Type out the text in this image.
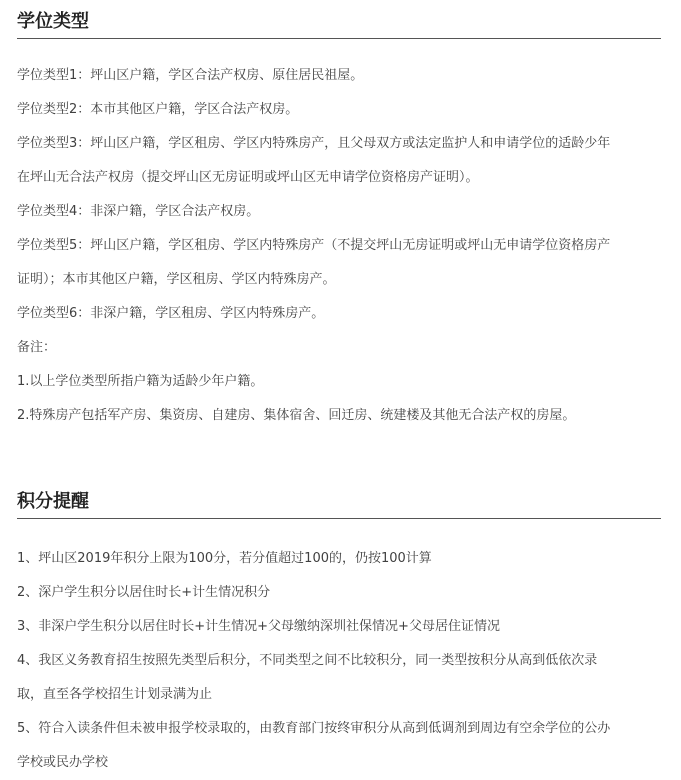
学位类型

学位类型1：坪山区户籍，学区合法产权房、原住居民祖屋。

学位类型2：本市其他区户籍，学区合法产权房。

学位类型3：坪山区户籍，学区租房、学区内特殊房产，且父母双方或法定监护人和申请学位的适龄少年
在坪山无合法产权房（提交坪山区无房证明或坪山区无申请学位资格房产证明）。

学位类型4：非深户籍，学区合法产权房。

学位类型5：坪山区户籍，学区租房、学区内特殊房产（不提交坪山无房证明或坪山无申请学位资格房产
证明）；本市其他区户籍，学区租房、学区内特殊房产。

学位类型6：非深户籍，学区租房、学区内特殊房产。

备注：

1.以上学位类型所指户籍为适龄少年户籍。

2.特殊房产包括军产房、集资房、自建房、集体宿舍、回迁房、统建楼及其他无合法产权的房屋。

积分提醒

1、坪山区2019年积分上限为100分，若分值超过100的，仍按100计算

2、深户学生积分以居住时长+计生情况积分

3、非深户学生积分以居住时长+计生情况+父母缴纳深圳社保情况+父母居住证情况

4、我区义务教育招生按照先类型后积分，不同类型之间不比较积分，同一类型按积分从高到低依次录
取，直至各学校招生计划录满为止

5、符合入读条件但未被申报学校录取的，由教育部门按终审积分从高到低调剂到周边有空余学位的公办
学校或民办学校
